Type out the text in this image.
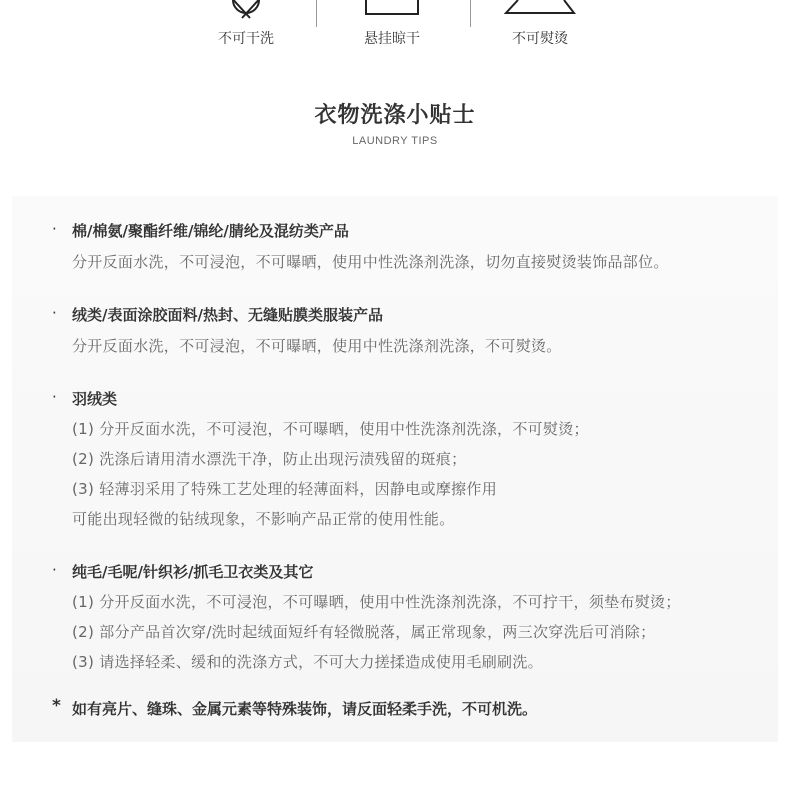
不可干洗	悬挂晾干	不可熨烫
衣物洗涤小贴士
LAUNDRY TIPS
· 棉/棉氨/聚酯纤维/锦纶/腈纶及混纺类产品
分开反面水洗，不可浸泡，不可曝晒，使用中性洗涤剂洗涤，切勿直接熨烫装饰品部位。
· 绒类/表面涂胶面料/热封、无缝贴膜类服装产品
分开反面水洗，不可浸泡，不可曝晒，使用中性洗涤剂洗涤，不可熨烫。
· 羽绒类
(1) 分开反面水洗，不可浸泡，不可曝晒，使用中性洗涤剂洗涤，不可熨烫；
(2) 洗涤后请用清水漂洗干净，防止出现污渍残留的斑痕；
(3) 轻薄羽采用了特殊工艺处理的轻薄面料，因静电或摩擦作用
可能出现轻微的钻绒现象，不影响产品正常的使用性能。
· 纯毛/毛呢/针织衫/抓毛卫衣类及其它
(1) 分开反面水洗，不可浸泡，不可曝晒，使用中性洗涤剂洗涤，不可拧干，须垫布熨烫；
(2) 部分产品首次穿/洗时起绒面短纤有轻微脱落，属正常现象，两三次穿洗后可消除；
(3) 请选择轻柔、缓和的洗涤方式，不可大力搓揉造成使用毛刷刷洗。
* 如有亮片、缝珠、金属元素等特殊装饰，请反面轻柔手洗，不可机洗。
